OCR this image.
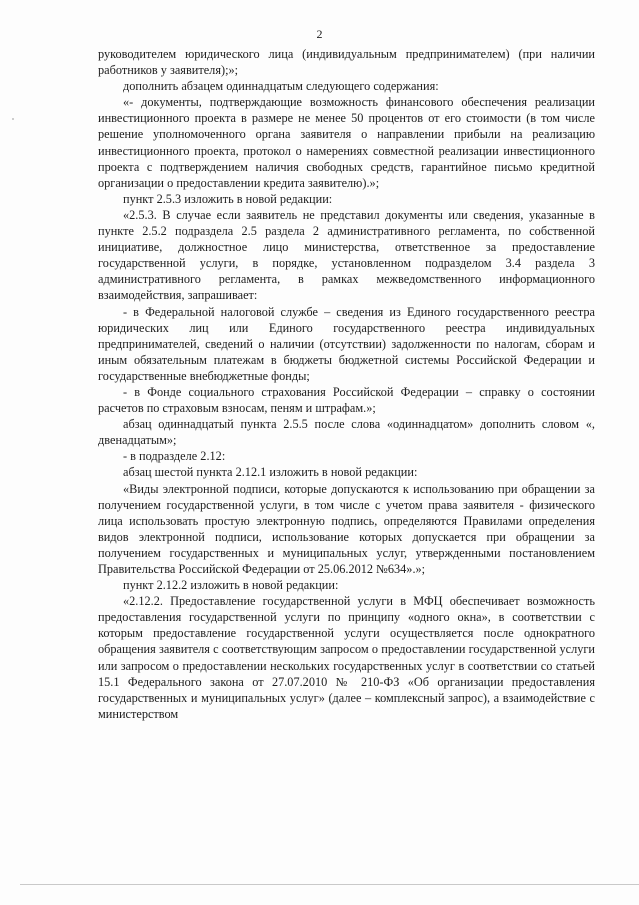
2

руководителем юридического лица (индивидуальным предпринимателем) (при наличии работников у заявителя);»;

дополнить абзацем одиннадцатым следующего содержания:

«- документы, подтверждающие возможность финансового обеспечения реализации инвестиционного проекта в размере не менее 50 процентов от его стоимости (в том числе решение уполномоченного органа заявителя о направлении прибыли на реализацию инвестиционного проекта, протокол о намерениях совместной реализации инвестиционного проекта с подтверждением наличия свободных средств, гарантийное письмо кредитной организации о предоставлении кредита заявителю).»;

пункт 2.5.3 изложить в новой редакции:

«2.5.3. В случае если заявитель не представил документы или сведения, указанные в пункте 2.5.2 подраздела 2.5 раздела 2 административного регламента, по собственной инициативе, должностное лицо министерства, ответственное за предоставление государственной услуги, в порядке, установленном подразделом 3.4 раздела 3 административного регламента, в рамках межведомственного информационного взаимодействия, запрашивает:

- в Федеральной налоговой службе – сведения из Единого государственного реестра юридических лиц или Единого государственного реестра индивидуальных предпринимателей, сведений о наличии (отсутствии) задолженности по налогам, сборам и иным обязательным платежам в бюджеты бюджетной системы Российской Федерации и государственные внебюджетные фонды;

- в Фонде социального страхования Российской Федерации – справку о состоянии расчетов по страховым взносам, пеням и штрафам.»;

абзац одиннадцатый пункта 2.5.5 после слова «одиннадцатом» дополнить словом «, двенадцатым»;

- в подразделе 2.12:

абзац шестой пункта 2.12.1 изложить в новой редакции:

«Виды электронной подписи, которые допускаются к использованию при обращении за получением государственной услуги, в том числе с учетом права заявителя - физического лица использовать простую электронную подпись, определяются Правилами определения видов электронной подписи, использование которых допускается при обращении за получением государственных и муниципальных услуг, утвержденными постановлением Правительства Российской Федерации от 25.06.2012 №634».»;

пункт 2.12.2 изложить в новой редакции:

«2.12.2. Предоставление государственной услуги в МФЦ обеспечивает возможность предоставления государственной услуги по принципу «одного окна», в соответствии с которым предоставление государственной услуги осуществляется после однократного обращения заявителя с соответствующим запросом о предоставлении государственной услуги или запросом о предоставлении нескольких государственных услуг в соответствии со статьей 15.1 Федерального закона от 27.07.2010 № 210-ФЗ «Об организации предоставления государственных и муниципальных услуг» (далее – комплексный запрос), а взаимодействие с министерством
